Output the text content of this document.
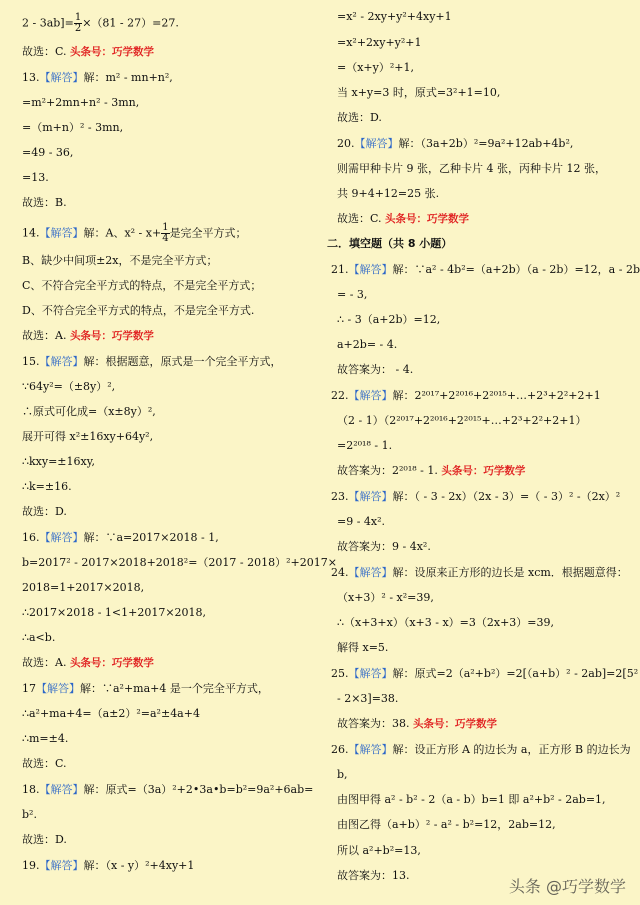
$2 - 3ab]= \frac{1}{2} \times(81 - 27)=27$.
故选：C. 头条号：巧学数学
13.【解答】解：m² - mn+n²,
=m²+2mn+n² - 3mn,
=（m+n）² - 3mn,
=49 - 36,
=13.
故选：B.
14.【解答】解：A、$x^2 - x+ \frac{1}{4}$ 是完全平方式；
B、缺少中间项±2x，不是完全平方式；
C、不符合完全平方式的特点，不是完全平方式；
D、不符合完全平方式的特点，不是完全平方式.
故选：A. 头条号：巧学数学
15.【解答】解：根据题意，原式是一个完全平方式，
∵64y²=（±8y）²,
∴原式可化成=（x±8y）²,
展开可得 x²±16xy+64y²,
∴kxy=±16xy,
∴k=±16.
故选：D.
16.【解答】解：∵a=2017×2018 - 1,
b=2017² - 2017×2018+2018²=（2017 - 2018）²+2017×
2018=1+2017×2018,
∴2017×2018 - 1<1+2017×2018,
∴a<b.
故选：A. 头条号：巧学数学
17【解答】解：∵a²+ma+4 是一个完全平方式，
∴a²+ma+4=（a±2）²=a²±4a+4
∴m=±4.
故选：C.
18.【解答】解：原式=（3a）²+2•3a•b=b²=9a²+6ab=
b².
故选：D.
19.【解答】解：（x - y）²+4xy+1
=x² - 2xy+y²+4xy+1
=x²+2xy+y²+1
=（x+y）²+1,
当 x+y=3 时，原式=3²+1=10,
故选：D.
20.【解答】解：（3a+2b）²=9a²+12ab+4b²,
则需甲种卡片 9 张，乙种卡片 4 张，丙种卡片 12 张，
共 9+4+12=25 张.
故选：C. 头条号：巧学数学
二．填空题（共 8 小题）
21.【解答】解：∵a² - 4b²=（a+2b）（a - 2b）=12，a - 2b
= - 3,
∴ - 3（a+2b）=12,
a+2b= - 4.
故答案为： - 4.
22.【解答】解：2²⁰¹⁷+2²⁰¹⁶+2²⁰¹⁵+…+2³+2²+2+1
（2 - 1）（2²⁰¹⁷+2²⁰¹⁶+2²⁰¹⁵+…+2³+2²+2+1）
=2²⁰¹⁸ - 1.
故答案为：2²⁰¹⁸ - 1. 头条号：巧学数学
23.【解答】解：（ - 3 - 2x）（2x - 3）=（ - 3）² -（2x）²
=9 - 4x².
故答案为：9 - 4x².
24.【解答】解：设原来正方形的边长是 xcm．根据题意得：
（x+3）² - x²=39,
∴（x+3+x）（x+3 - x）=3（2x+3）=39,
解得 x=5.
25.【解答】解：原式=2（a²+b²）=2[（a+b）² - 2ab]=2[5²
- 2×3]=38.
故答案为：38. 头条号：巧学数学
26.【解答】解：设正方形 A 的边长为 a，正方形 B 的边长为
b,
由图甲得 a² - b² - 2（a - b）b=1 即 a²+b² - 2ab=1,
由图乙得（a+b）² - a² - b²=12，2ab=12,
所以 a²+b²=13,
故答案为：13.
头条 @巧学数学
